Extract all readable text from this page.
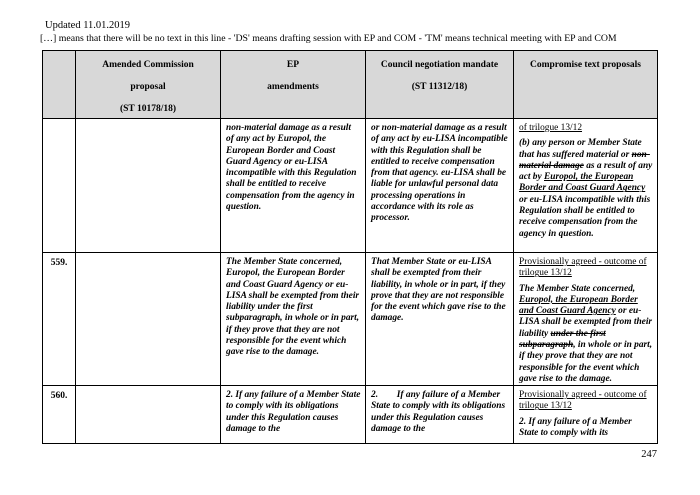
Updated 11.01.2019
[…] means that there will be no text in this line - 'DS' means drafting session with EP and COM - 'TM' means technical meeting with EP and COM
Amended Commission
proposal
(ST 10178/18)
EP
amendments
Council negotiation mandate
(ST 11312/18)
Compromise text proposals

non-material damage as a result of any act by Europol, the European Border and Coast Guard Agency or eu-LISA incompatible with this Regulation shall be entitled to receive compensation from the agency in question.

or non-material damage as a result of any act by eu-LISA incompatible with this Regulation shall be entitled to receive compensation from that agency. eu-LISA shall be liable for unlawful personal data processing operations in accordance with its role as processor.

of trilogue 13/12

(b) any person or Member State that has suffered material or non-material damage as a result of any act by Europol, the European Border and Coast Guard Agency or eu-LISA incompatible with this Regulation shall be entitled to receive compensation from the agency in question.

559.	The Member State concerned, Europol, the European Border and Coast Guard Agency or eu-LISA shall be exempted from their liability under the first subparagraph, in whole or in part, if they prove that they are not responsible for the event which gave rise to the damage.

That Member State or eu-LISA shall be exempted from their liability, in whole or in part, if they prove that they are not responsible for the event which gave rise to the damage.

Provisionally agreed - outcome of trilogue 13/12

The Member State concerned, Europol, the European Border and Coast Guard Agency or eu-LISA shall be exempted from their liability under the first subparagraph, in whole or in part, if they prove that they are not responsible for the event which gave rise to the damage.

560.	2. If any failure of a Member State to comply with its obligations under this Regulation causes damage to the

2.  If any failure of a Member State to comply with its obligations under this Regulation causes damage to the

Provisionally agreed - outcome of trilogue 13/12

2. If any failure of a Member State to comply with its

247
